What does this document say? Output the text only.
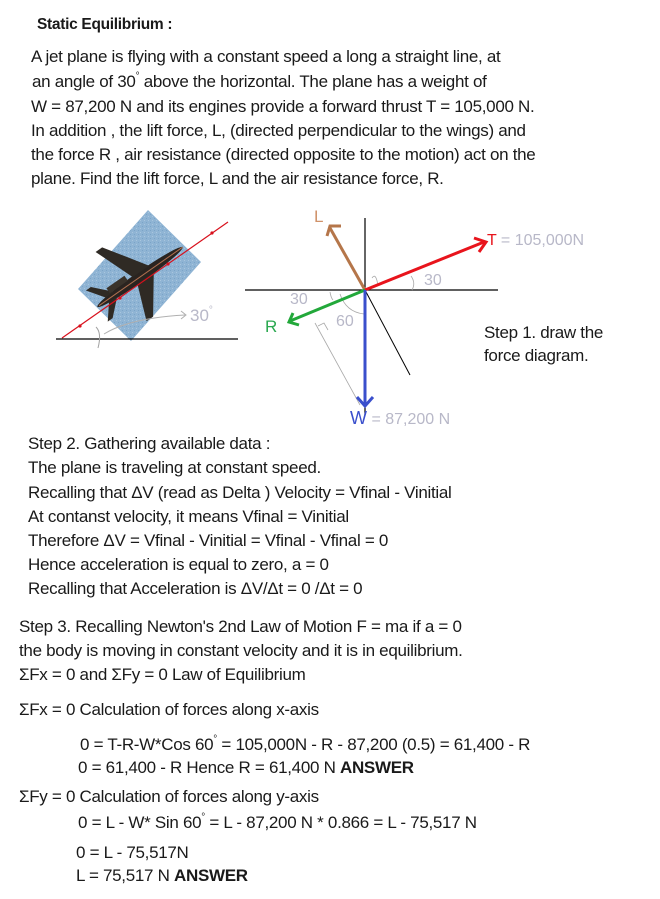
Static Equilibrium :
A jet plane is flying with a constant speed a long a straight line, at
an angle of 30° above the horizontal. The plane has a weight of
W = 87,200 N and its engines provide a forward thrust T = 105,000 N.
In addition , the lift force, L, (directed perpendicular to the wings) and
the force R , air resistance (directed opposite to the motion) act on the
plane. Find the lift force, L and the air resistance force, R.
30°
L
T = 105,000N
R
W = 87,200 N
30
30
60
Step 1. draw the
force diagram.
Step 2. Gathering available data :
The plane is traveling at constant speed.
Recalling that ΔV (read as Delta ) Velocity = Vfinal - Vinitial
At contanst velocity, it means Vfinal = Vinitial
Therefore ΔV = Vfinal - Vinitial = Vfinal - Vfinal = 0
Hence acceleration is equal to zero, a = 0
Recalling that Acceleration is ΔV/Δt = 0 /Δt = 0
Step 3. Recalling Newton's 2nd Law of Motion F = ma if a = 0
the body is moving in constant velocity and it is in equilibrium.
ΣFx = 0 and ΣFy = 0 Law of Equilibrium
ΣFx = 0 Calculation of forces along x-axis
0 = T-R-W*Cos 60° = 105,000N - R - 87,200 (0.5) = 61,400 - R
0 = 61,400 - R Hence R = 61,400 N ANSWER
ΣFy = 0 Calculation of forces along y-axis
0 = L - W* Sin 60° = L - 87,200 N * 0.866 = L - 75,517 N
0 = L - 75,517N
L = 75,517 N ANSWER
